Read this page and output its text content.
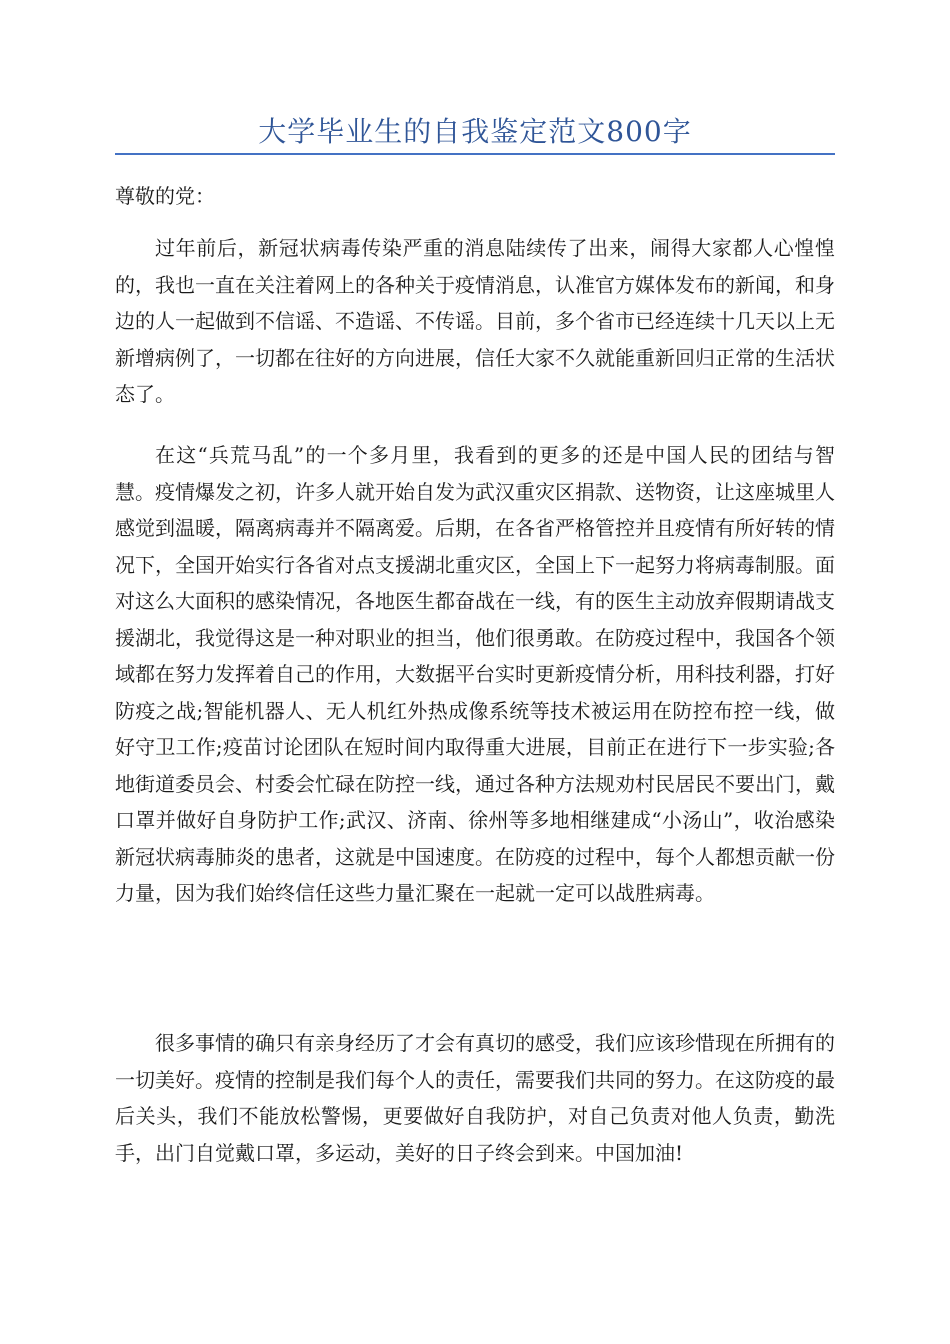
大学毕业生的自我鉴定范文800字

尊敬的党：

过年前后，新冠状病毒传染严重的消息陆续传了出来，闹得大家都人心惶惶的，我也一直在关注着网上的各种关于疫情消息，认准官方媒体发布的新闻，和身边的人一起做到不信谣、不造谣、不传谣。目前，多个省市已经连续十几天以上无新增病例了，一切都在往好的方向进展，信任大家不久就能重新回归正常的生活状态了。

在这“兵荒马乱”的一个多月里，我看到的更多的还是中国人民的团结与智慧。疫情爆发之初，许多人就开始自发为武汉重灾区捐款、送物资，让这座城里人感觉到温暖，隔离病毒并不隔离爱。后期，在各省严格管控并且疫情有所好转的情况下，全国开始实行各省对点支援湖北重灾区，全国上下一起努力将病毒制服。面对这么大面积的感染情况，各地医生都奋战在一线，有的医生主动放弃假期请战支援湖北，我觉得这是一种对职业的担当，他们很勇敢。在防疫过程中，我国各个领域都在努力发挥着自己的作用，大数据平台实时更新疫情分析，用科技利器，打好防疫之战;智能机器人、无人机红外热成像系统等技术被运用在防控布控一线，做好守卫工作;疫苗讨论团队在短时间内取得重大进展，目前正在进行下一步实验;各地街道委员会、村委会忙碌在防控一线，通过各种方法规劝村民居民不要出门，戴口罩并做好自身防护工作;武汉、济南、徐州等多地相继建成“小汤山”，收治感染新冠状病毒肺炎的患者，这就是中国速度。在防疫的过程中，每个人都想贡献一份力量，因为我们始终信任这些力量汇聚在一起就一定可以战胜病毒。

很多事情的确只有亲身经历了才会有真切的感受，我们应该珍惜现在所拥有的一切美好。疫情的控制是我们每个人的责任，需要我们共同的努力。在这防疫的最后关头，我们不能放松警惕，更要做好自我防护，对自己负责对他人负责，勤洗手，出门自觉戴口罩，多运动，美好的日子终会到来。中国加油!
